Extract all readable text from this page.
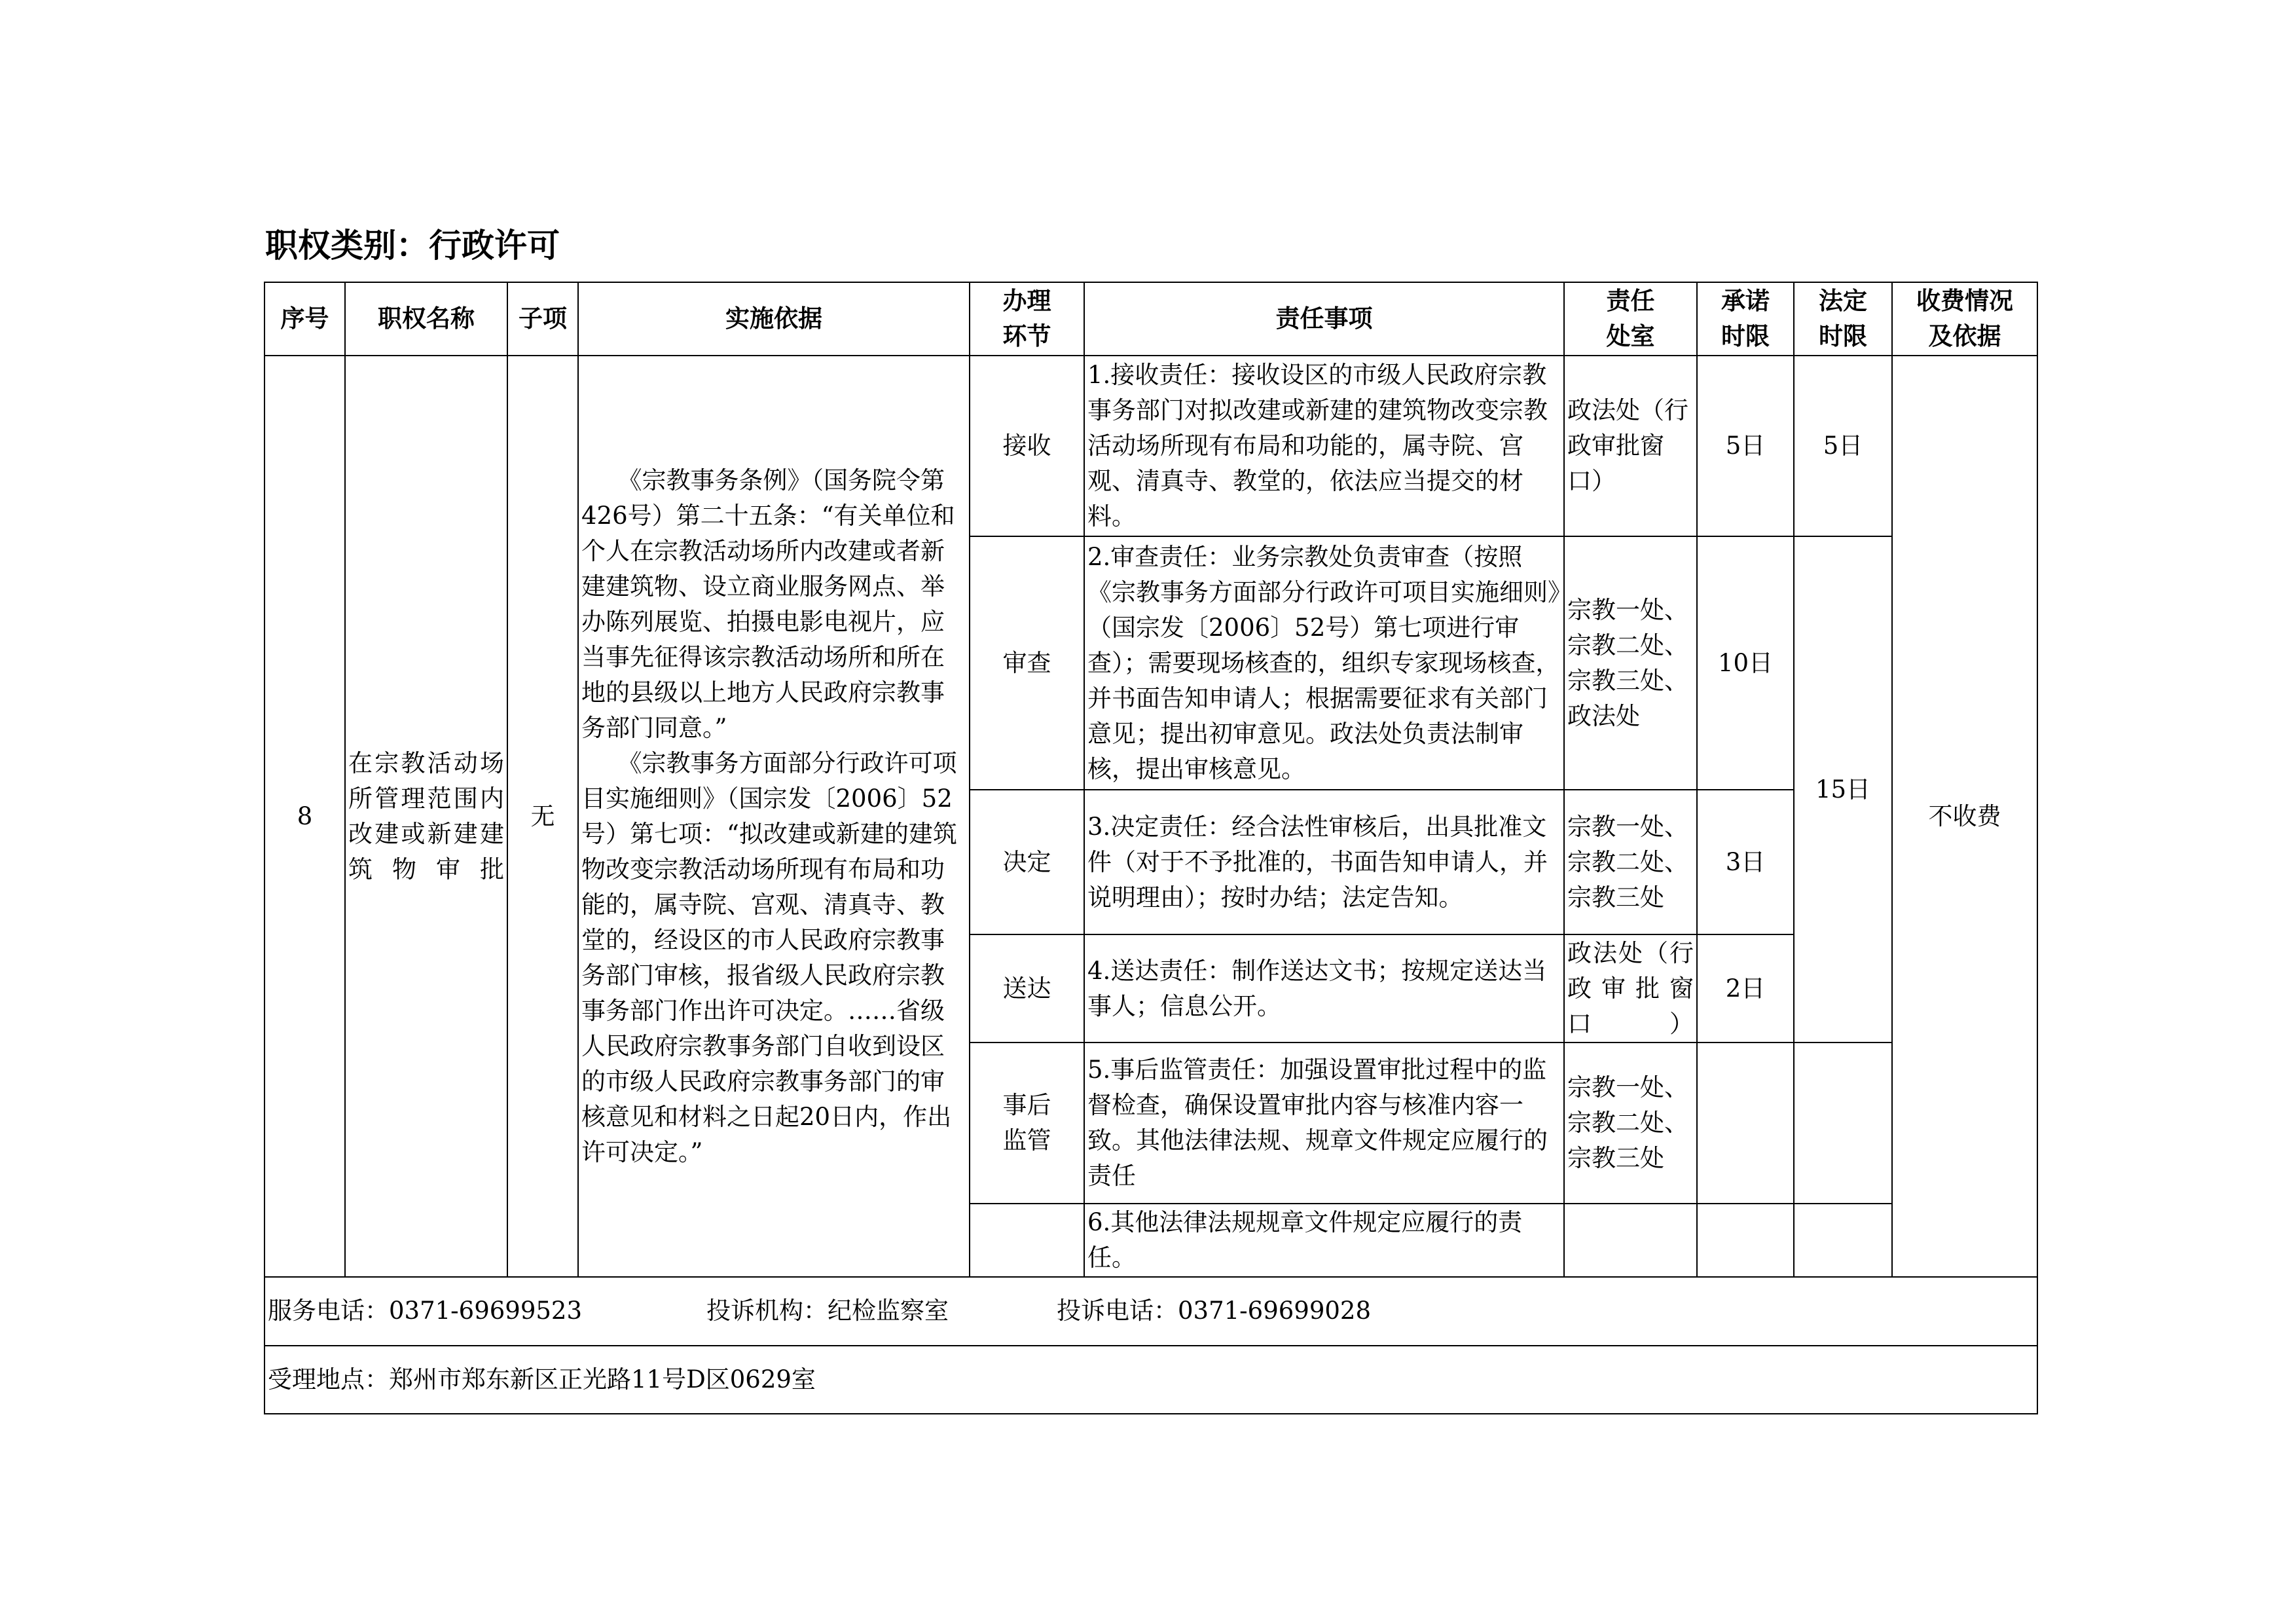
职权类别：行政许可
序号	职权名称	子项	实施依据	办理环节	责任事项	责任处室	承诺时限	法定时限	收费情况及依据

8	在宗教活动场所管理范围内改建或新建建筑物审批	无	《宗教事务条例》（国务院令第426号）第二十五条：“有关单位和个人在宗教活动场所内改建或者新建建筑物、设立商业服务网点、举办陈列展览、拍摄电影电视片，应当事先征得该宗教活动场所和所在地的县级以上地方人民政府宗教事务部门同意。”

《宗教事务方面部分行政许可项目实施细则》（国宗发〔2006〕52号）第七项：“拟改建或新建的建筑物改变宗教活动场所现有布局和功能的，属寺院、宫观、清真寺、教堂的，经设区的市人民政府宗教事务部门审核，报省级人民政府宗教事务部门作出许可决定。……省级人民政府宗教事务部门自收到设区的市级人民政府宗教事务部门的审核意见和材料之日起20日内，作出许可决定。”	接收	1.接收责任：接收设区的市级人民政府宗教事务部门对拟改建或新建的建筑物改变宗教活动场所现有布局和功能的，属寺院、宫观、清真寺、教堂的，依法应当提交的材料。	政法处（行政审批窗口）	5日	5日	不收费
				审查	2.审查责任：业务宗教处负责审查（按照《宗教事务方面部分行政许可项目实施细则》（国宗发〔2006〕52号）第七项进行审查）；需要现场核查的，组织专家现场核查，并书面告知申请人；根据需要征求有关部门意见；提出初审意见。政法处负责法制审核，提出审核意见。	宗教一处、宗教二处、宗教三处、政法处	10日	15日	
				决定	3.决定责任：经合法性审核后，出具批准文件（对于不予批准的，书面告知申请人，并说明理由）；按时办结；法定告知。	宗教一处、宗教二处、宗教三处	3日		
				送达	4.送达责任：制作送达文书；按规定送达当事人；信息公开。	政法处（行政审批窗口）	2日		

				事后监管	5.事后监管责任：加强设置审批过程中的监督检查，确保设置审批内容与核准内容一致。其他法律法规、规章文件规定应履行的责任	宗教一处、宗教二处、宗教三处			
					6.其他法律法规规章文件规定应履行的责任。				
服务电话：0371-69699523 投诉机构：纪检监察室 投诉电话：0371-69699028									
受理地点：郑州市郑东新区正光路11号D区0629室									
